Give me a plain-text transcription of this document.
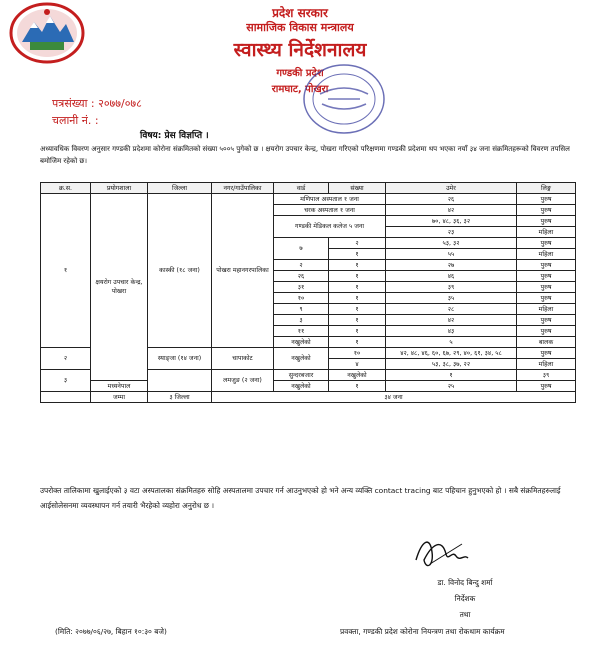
प्रदेश सरकार
सामाजिक विकास मन्त्रालय
स्वास्थ्य निर्देशनालय
गण्डकी प्रदेश
रामघाट, पोखरा
पत्रसंख्या : २०७७/०७८
चलानी नं. :
विषय: प्रेस विज्ञप्ति ।
अध्यावधिक विवरण अनुसार गण्डकी प्रदेशमा कोरोना संक्रमितको संख्या ५००५ पुगेको छ । क्षयरोग उपचार केन्द्र, पोखरा गरिएको परिक्षणमा गण्डकी प्रदेशमा थप भएका नयाँ ३४ जना संक्रमितहरूको विवरण तपसिल बमोजिम रहेको छ।
क्र.स.	प्रयोगशाला	जिल्ला	नगर/गाउँपालिका	वार्ड	संख्या	उमेर	लिङ्ग	
१	क्षयरोग उपचार केन्द्र, पोखरा	कास्की (१८ जना)	पोखरा महानगरपालिका	मणिपाल अस्पताल १ जना		२६	पुरुष	
				चरक अस्पताल १ जना		४२	पुरुष	
				गण्डकी मेडिकल कलेज ५ जना		७०, ४८, ३६, ३२	पुरुष	
						२३	महिला	
				७	२	५३, ३२	पुरुष	
					१	५५	महिला	
				२	१	२७	पुरुष	
				२६	१	४६	पुरुष	
				३१	१	३९	पुरुष	
				१०	१	३५	पुरुष	
				९	१	२८	महिला	
				३	१	४२	पुरुष	
				११	१	४३	पुरुष	
				नखुलेको	१	५	बालक	
२		स्याङ्जा (१४ जना)	चापाकोट	नखुलेको	१०	४२, ४८, ४६, ६०, ६७, २९, ४०, ६१, ३४, ५८	पुरुष	
					४	५३, ३८, ३७, २२	महिला	
३			लमजुङ (२ जना)	सुन्दरबजार	नखुलेको	१	३९	
	मध्यनेपाल			नखुलेको	१	२५	पुरुष	
	जम्मा	३ जिल्ला	३४ जना					
उपरोक्त तालिकामा खुलाईएको ३ वटा अस्पतालका संक्रमितहरु सोहि अस्पतालमा उपचार गर्न आउनुभएको हो भने अन्य व्यक्ति contact tracing बाट पहिचान हुनुभएको हो । सबै संक्रमितहरुलाई आईसोलेसनमा व्यवस्थापन गर्न तयारी भैरहेको व्यहोरा अनुरोध छ ।
डा. विनोद बिन्दु शर्मा
निर्देशक
तथा
(मिति: २०७७/०६/२७, बिहान १०:३० बजे)	प्रवक्ता, गण्डकी प्रदेश कोरोना नियन्त्रण तथा रोकथाम कार्यक्रम
